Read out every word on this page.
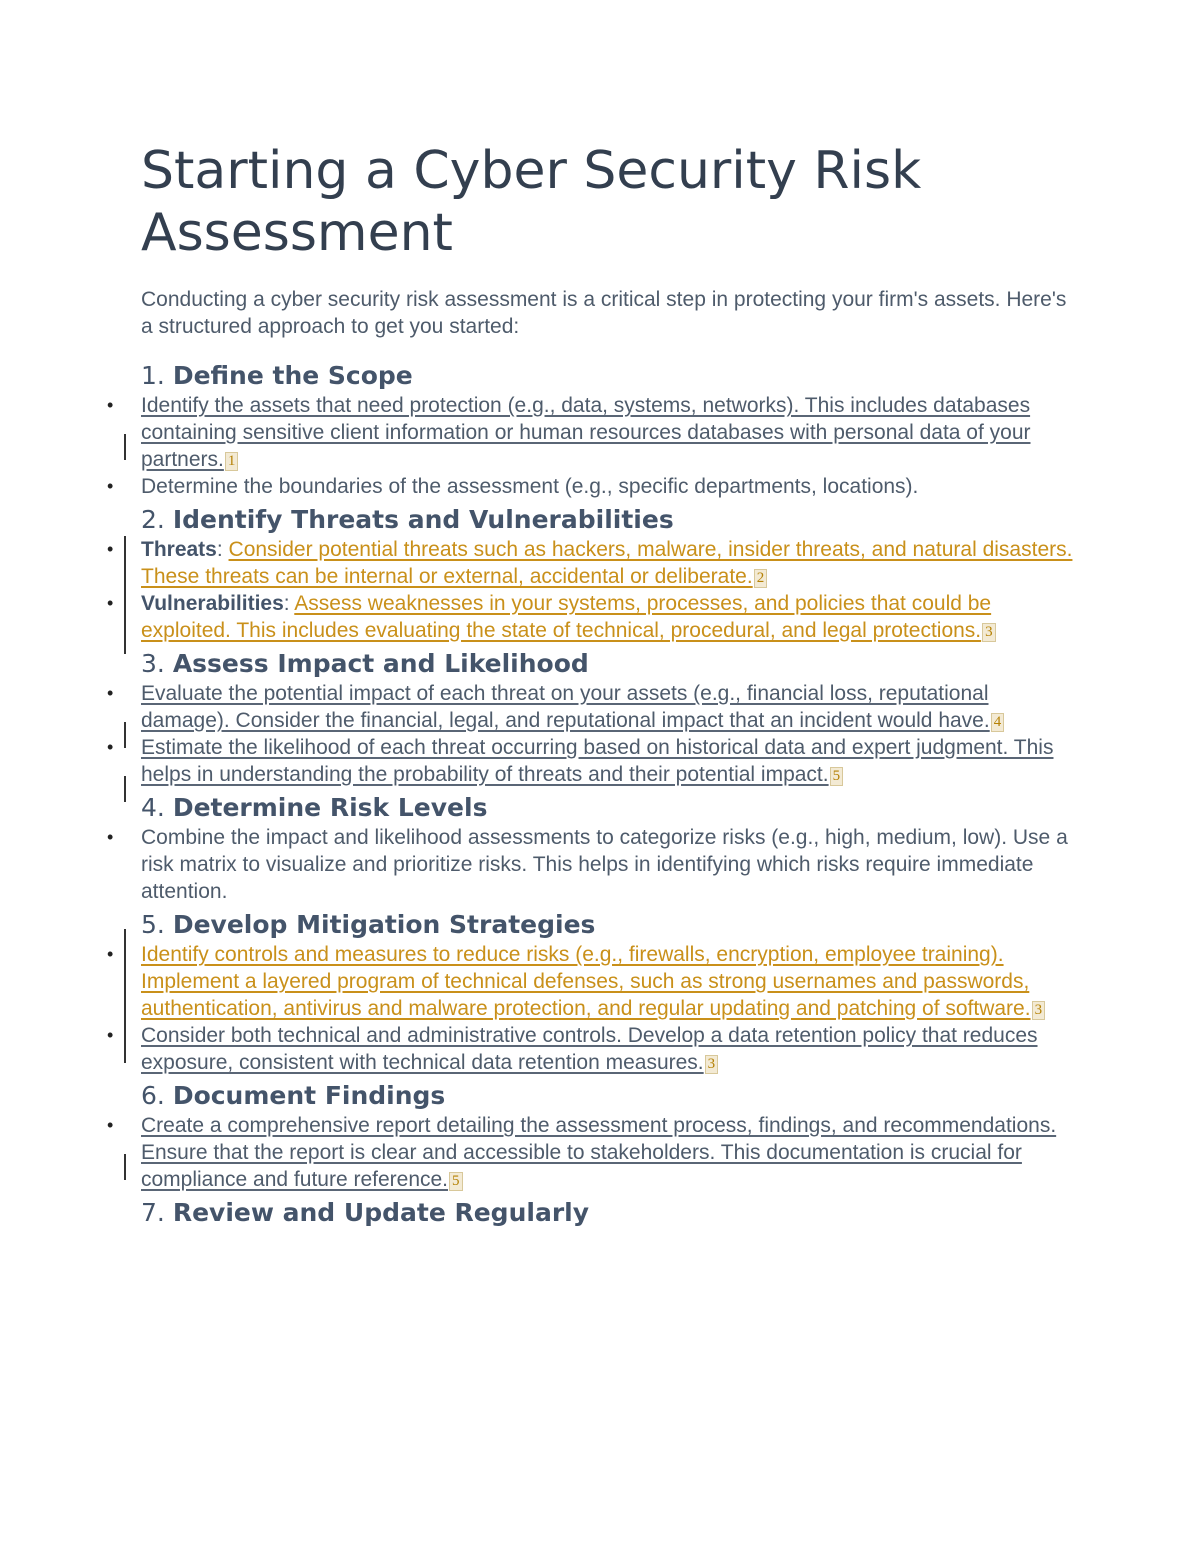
Starting a Cyber Security Risk Assessment

Conducting a cyber security risk assessment is a critical step in protecting your firm's assets. Here's a structured approach to get you started:

1. Define the Scope
• Identify the assets that need protection (e.g., data, systems, networks). This includes databases containing sensitive client information or human resources databases with personal data of your partners. 1
• Determine the boundaries of the assessment (e.g., specific departments, locations).
2. Identify Threats and Vulnerabilities
• Threats: Consider potential threats such as hackers, malware, insider threats, and natural disasters. These threats can be internal or external, accidental or deliberate. 2
• Vulnerabilities: Assess weaknesses in your systems, processes, and policies that could be exploited. This includes evaluating the state of technical, procedural, and legal protections. 3
3. Assess Impact and Likelihood
• Evaluate the potential impact of each threat on your assets (e.g., financial loss, reputational damage). Consider the financial, legal, and reputational impact that an incident would have. 4
• Estimate the likelihood of each threat occurring based on historical data and expert judgment. This helps in understanding the probability of threats and their potential impact. 5
4. Determine Risk Levels
• Combine the impact and likelihood assessments to categorize risks (e.g., high, medium, low). Use a risk matrix to visualize and prioritize risks. This helps in identifying which risks require immediate attention.
5. Develop Mitigation Strategies
• Identify controls and measures to reduce risks (e.g., firewalls, encryption, employee training). Implement a layered program of technical defenses, such as strong usernames and passwords, authentication, antivirus and malware protection, and regular updating and patching of software. 3
• Consider both technical and administrative controls. Develop a data retention policy that reduces exposure, consistent with technical data retention measures. 3
6. Document Findings
• Create a comprehensive report detailing the assessment process, findings, and recommendations. Ensure that the report is clear and accessible to stakeholders. This documentation is crucial for compliance and future reference. 5
7. Review and Update Regularly
